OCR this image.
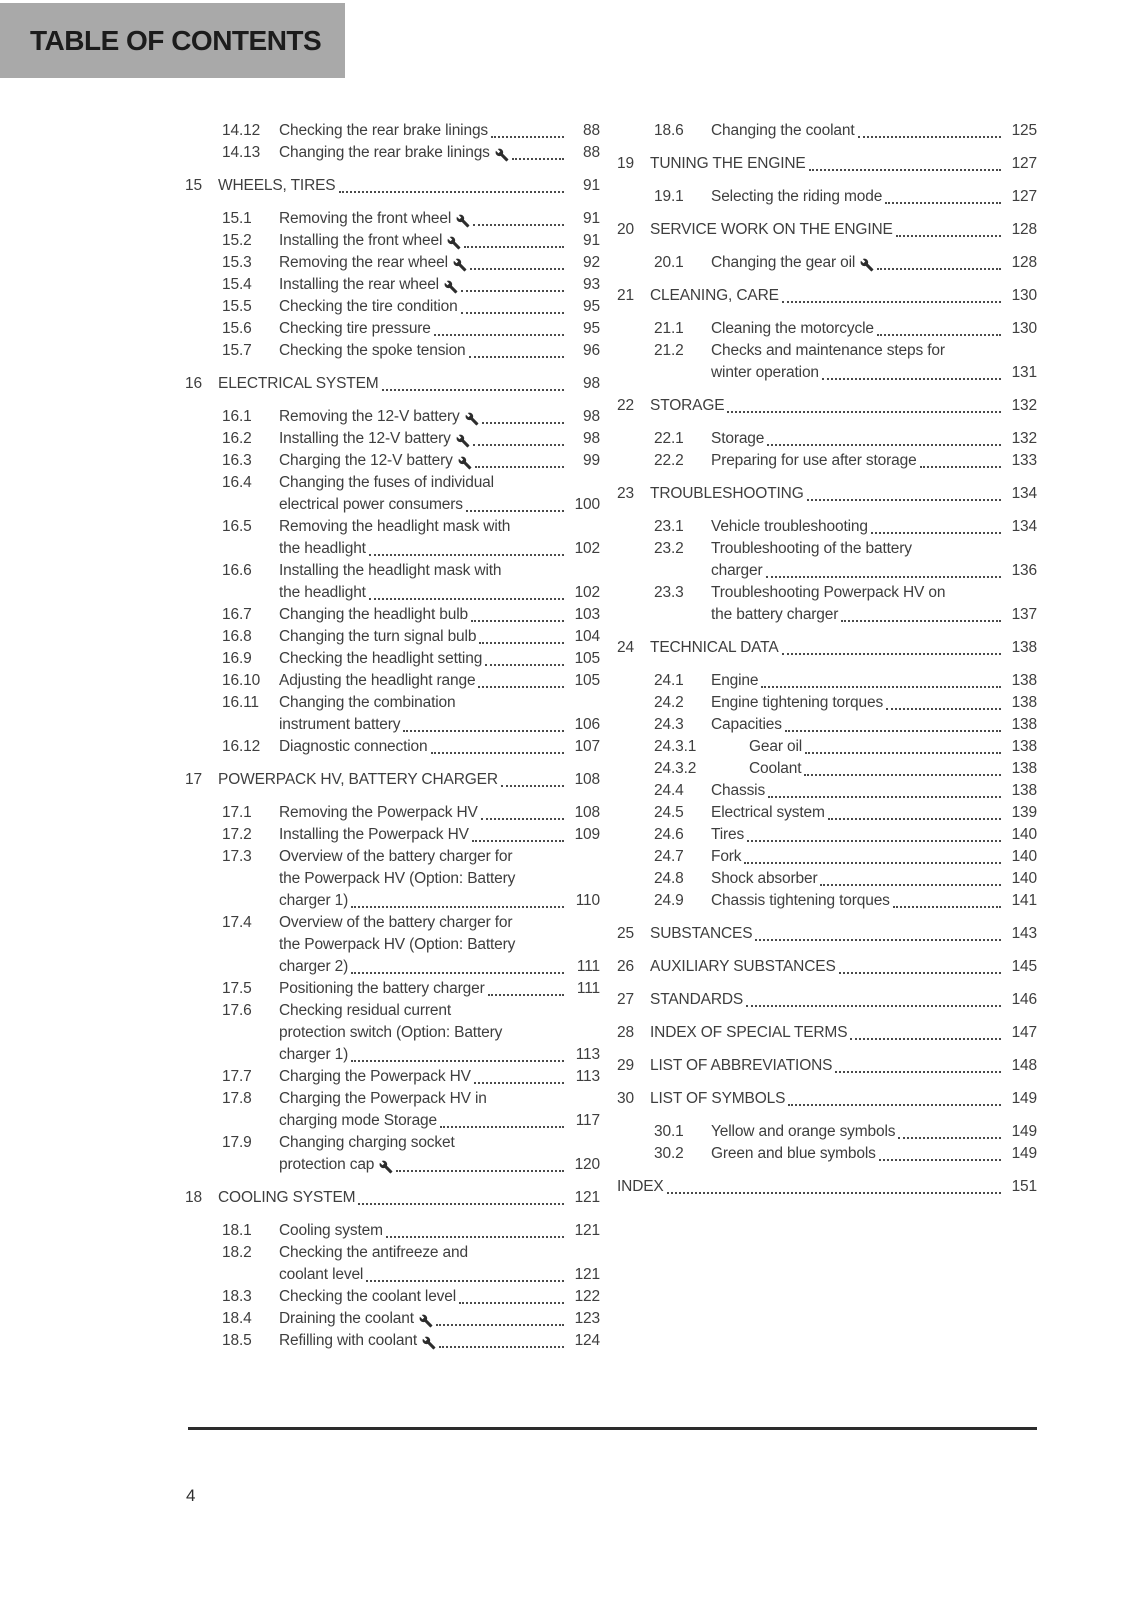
TABLE OF CONTENTS
14.12	Checking the rear brake linings	88
14.13	Changing the rear brake linings	88
15	WHEELS, TIRES	91
15.1	Removing the front wheel	91
15.2	Installing the front wheel	91
15.3	Removing the rear wheel	92
15.4	Installing the rear wheel	93
15.5	Checking the tire condition	95
15.6	Checking tire pressure	95
15.7	Checking the spoke tension	96
16	ELECTRICAL SYSTEM	98
16.1	Removing the 12-V battery	98
16.2	Installing the 12-V battery	98
16.3	Charging the 12-V battery	99
16.4	Changing the fuses of individual
electrical power consumers	100
16.5	Removing the headlight mask with
the headlight	102
16.6	Installing the headlight mask with
the headlight	102
16.7	Changing the headlight bulb	103
16.8	Changing the turn signal bulb	104
16.9	Checking the headlight setting	105
16.10	Adjusting the headlight range	105
16.11	Changing the combination
instrument battery	106
16.12	Diagnostic connection	107
17	POWERPACK HV, BATTERY CHARGER	108
17.1	Removing the Powerpack HV	108
17.2	Installing the Powerpack HV	109
17.3	Overview of the battery charger for
the Powerpack HV (Option: Battery
charger 1)	110
17.4	Overview of the battery charger for
the Powerpack HV (Option: Battery
charger 2)	111
17.5	Positioning the battery charger	111
17.6	Checking residual current
protection switch (Option: Battery
charger 1)	113
17.7	Charging the Powerpack HV	113
17.8	Charging the Powerpack HV in
charging mode Storage	117
17.9	Changing charging socket
protection cap	120
18	COOLING SYSTEM	121
18.1	Cooling system	121
18.2	Checking the antifreeze and
coolant level	121
18.3	Checking the coolant level	122
18.4	Draining the coolant	123
18.5	Refilling with coolant	124
18.6	Changing the coolant	125
19	TUNING THE ENGINE	127
19.1	Selecting the riding mode	127
20	SERVICE WORK ON THE ENGINE	128
20.1	Changing the gear oil	128
21	CLEANING, CARE	130
21.1	Cleaning the motorcycle	130
21.2	Checks and maintenance steps for
winter operation	131
22	STORAGE	132
22.1	Storage	132
22.2	Preparing for use after storage	133
23	TROUBLESHOOTING	134
23.1	Vehicle troubleshooting	134
23.2	Troubleshooting of the battery
charger	136
23.3	Troubleshooting Powerpack HV on
the battery charger	137
24	TECHNICAL DATA	138
24.1	Engine	138
24.2	Engine tightening torques	138
24.3	Capacities	138
24.3.1	Gear oil	138
24.3.2	Coolant	138
24.4	Chassis	138
24.5	Electrical system	139
24.6	Tires	140
24.7	Fork	140
24.8	Shock absorber	140
24.9	Chassis tightening torques	141
25	SUBSTANCES	143
26	AUXILIARY SUBSTANCES	145
27	STANDARDS	146
28	INDEX OF SPECIAL TERMS	147
29	LIST OF ABBREVIATIONS	148
30	LIST OF SYMBOLS	149
30.1	Yellow and orange symbols	149
30.2	Green and blue symbols	149
INDEX	151
4
